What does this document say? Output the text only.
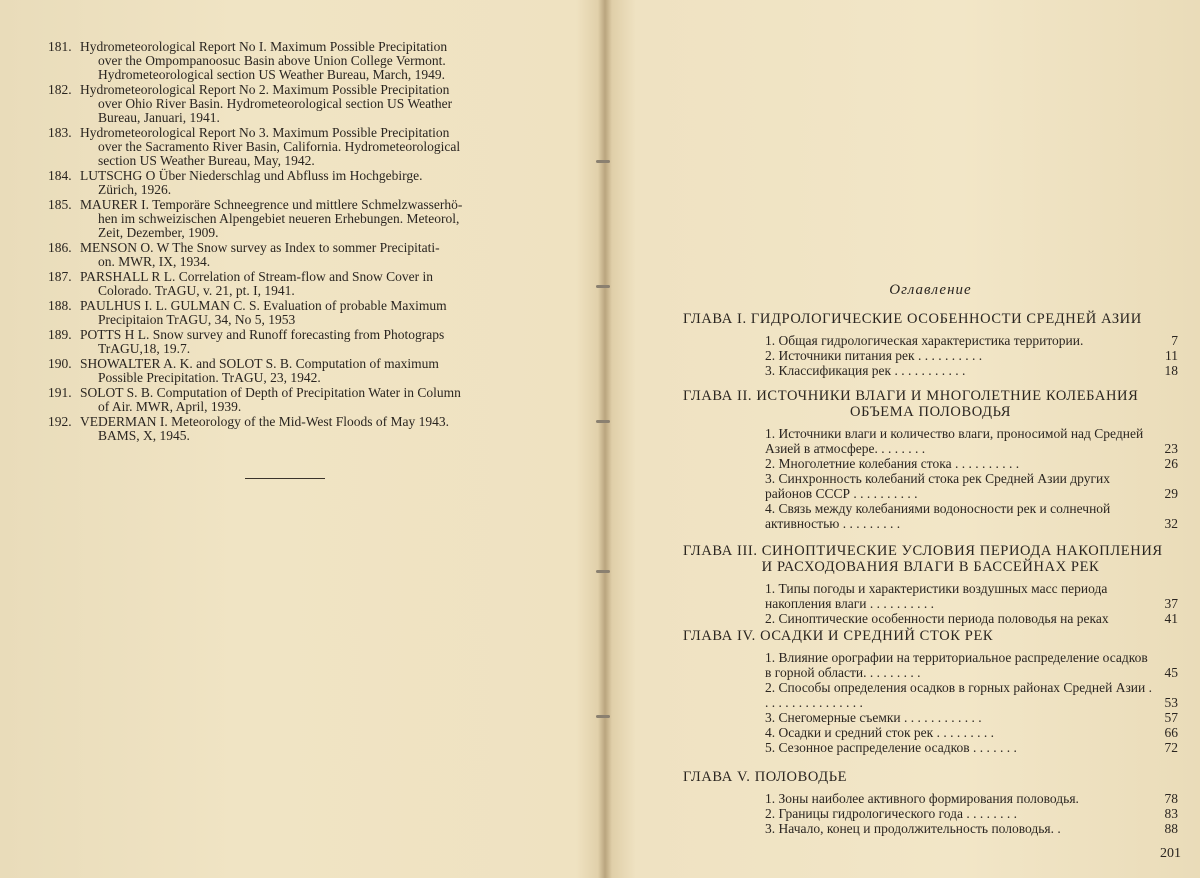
181. Hydrometeorological Report No I. Maximum Possible Precipitation
over the Ompompanoosuc Basin above Union College Vermont.
Hydrometeorological section US Weather Bureau, March, 1949.
182. Hydrometeorological Report No 2. Maximum Possible Precipitation
over Ohio River Basin. Hydrometeorological section US Weather
Bureau, Januari, 1941.
183. Hydrometeorological Report No 3. Maximum Possible Precipitation
over the Sacramento River Basin, California. Hydrometeorological
section US Weather Bureau, May, 1942.
184. LUTSCHG O Über Niederschlag und Abfluss im Hochgebirge.
Zürich, 1926.
185. MAURER I. Temporäre Schneegrence und mittlere Schmelzwasserhö-
hen im schweizischen Alpengebiet neueren Erhebungen. Meteorol,
Zeit, Dezember, 1909.
186. MENSON O. W The Snow survey as Index to sommer Precipitati-
on. MWR, IX, 1934.
187. PARSHALL R L. Correlation of Stream-flow and Snow Cover in
Colorado. TrAGU, v. 21, pt. I, 1941.
188. PAULHUS I. L. GULMAN C. S. Evaluation of probable Maximum
Precipitaion TrAGU, 34, No 5, 1953
189. POTTS H L. Snow survey and Runoff forecasting from Photograps
TrAGU,18, 19.7.
190. SHOWALTER A. K. and SOLOT S. B. Computation of maximum
Possible Precipitation. TrAGU, 23, 1942.
191. SOLOT S. B. Computation of Depth of Precipitation Water in Column
of Air. MWR, April, 1939.
192. VEDERMAN I. Meteorology of the Mid-West Floods of May 1943.
BAMS, X, 1945.
Оглавление
ГЛАВА I. ГИДРОЛОГИЧЕСКИЕ ОСОБЕННОСТИ СРЕДНЕЙ АЗИИ
1. Общая гидрологическая характеристика территории.	7
2. Источники питания рек . . . . . . . . . .	11
3. Классификация рек . . . . . . . . . . .	18
ГЛАВА II. ИСТОЧНИКИ ВЛАГИ И МНОГОЛЕТНИЕ КОЛЕБАНИЯ
ОБЪЕМА ПОЛОВОДЬЯ
1. Источники влаги и количество влаги, проносимой над Средней Азией в атмосфере. . . . . . . .	23
2. Многолетние колебания стока . . . . . . . . . .	26
3. Синхронность колебаний стока рек Средней Азии других районов СССР . . . . . . . . . .	29
4. Связь между колебаниями водоносности рек и солнечной активностью . . . . . . . . .	32
ГЛАВА III. СИНОПТИЧЕСКИЕ УСЛОВИЯ ПЕРИОДА НАКОПЛЕНИЯ
И РАСХОДОВАНИЯ ВЛАГИ В БАССЕЙНАХ РЕК
1. Типы погоды и характеристики воздушных масс периода накопления влаги . . . . . . . . . .	37
2. Синоптические особенности периода половодья на реках	41
ГЛАВА IV. ОСАДКИ И СРЕДНИЙ СТОК РЕК
1. Влияние орографии на территориальное распределение осадков в горной области. . . . . . . . .	45
2. Способы определения осадков в горных районах Средней Азии . . . . . . . . . . . . . . . .	53
3. Снегомерные съемки . . . . . . . . . . . .	57
4. Осадки и средний сток рек . . . . . . . . .	66
5. Сезонное распределение осадков . . . . . . .	72
ГЛАВА V. ПОЛОВОДЬЕ
1. Зоны наиболее активного формирования половодья.	78
2. Границы гидрологического года . . . . . . . .	83
3. Начало, конец и продолжительность половодья. .	88
201
